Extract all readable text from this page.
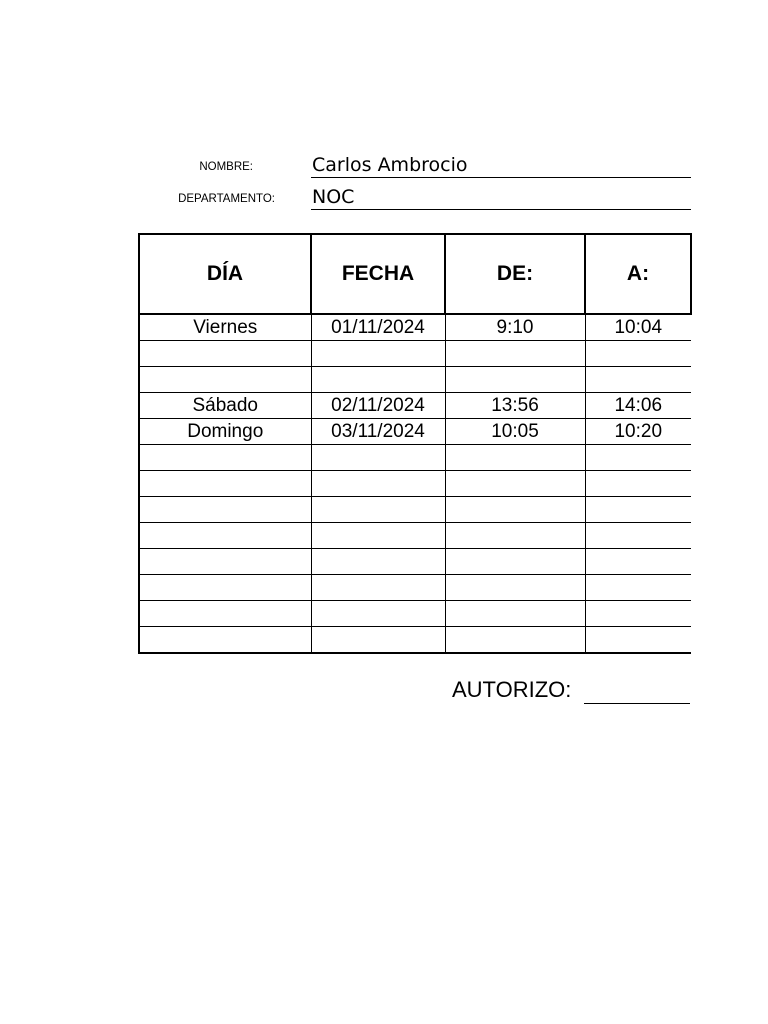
NOMBRE:	Carlos Ambrocio
DEPARTAMENTO: NOC
DÍA	FECHA	DE:	A:
Viernes	01/11/2024	9:10	10:04

Sábado	02/11/2024	13:56	14:06
Domingo	03/11/2024	10:05	10:20

AUTORIZO:
